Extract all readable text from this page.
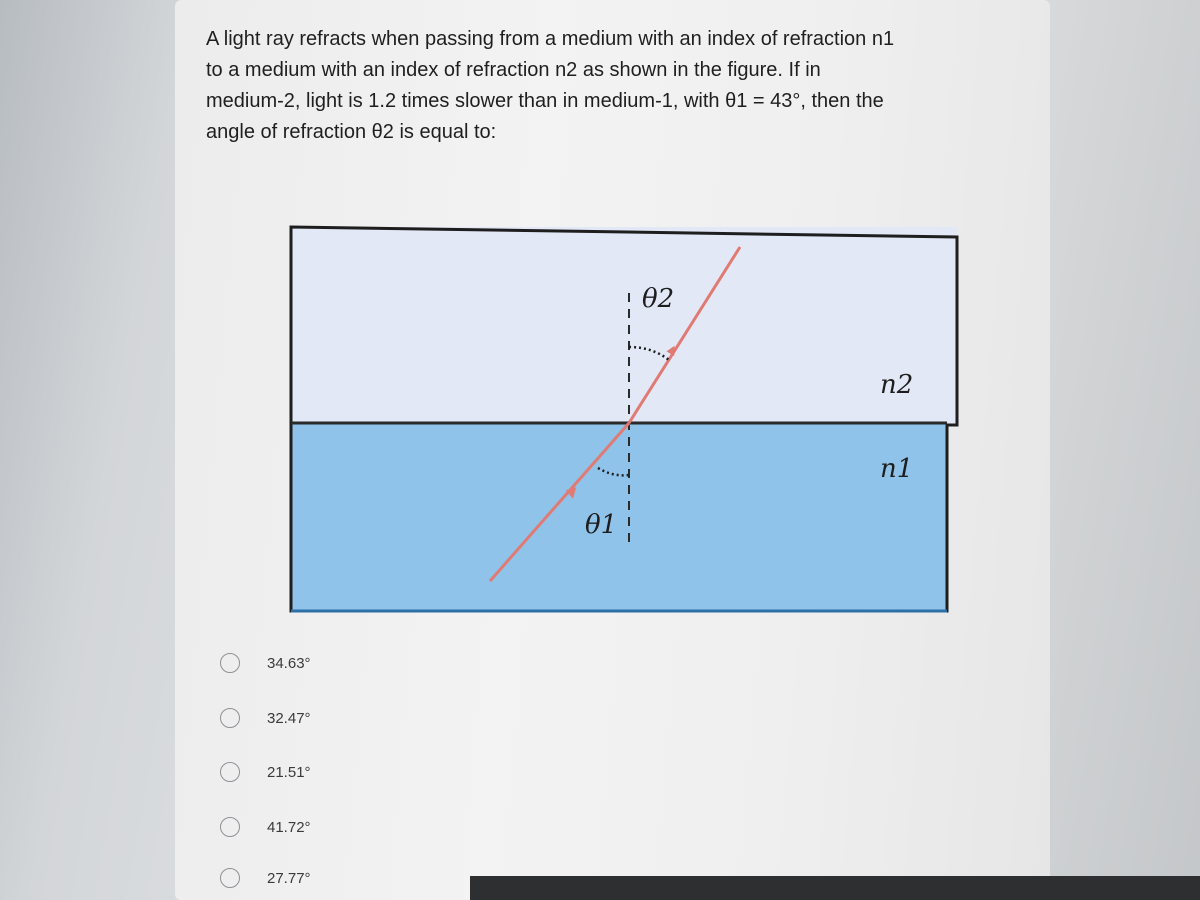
A light ray refracts when passing from a medium with an index of refraction n1
to a medium with an index of refraction n2 as shown in the figure. If in
medium-2, light is 1.2 times slower than in medium-1, with θ1 = 43°, then the
angle of refraction θ2 is equal to:
θ2
θ1
n2
n1
34.63°
32.47°
21.51°
41.72°
27.77°
